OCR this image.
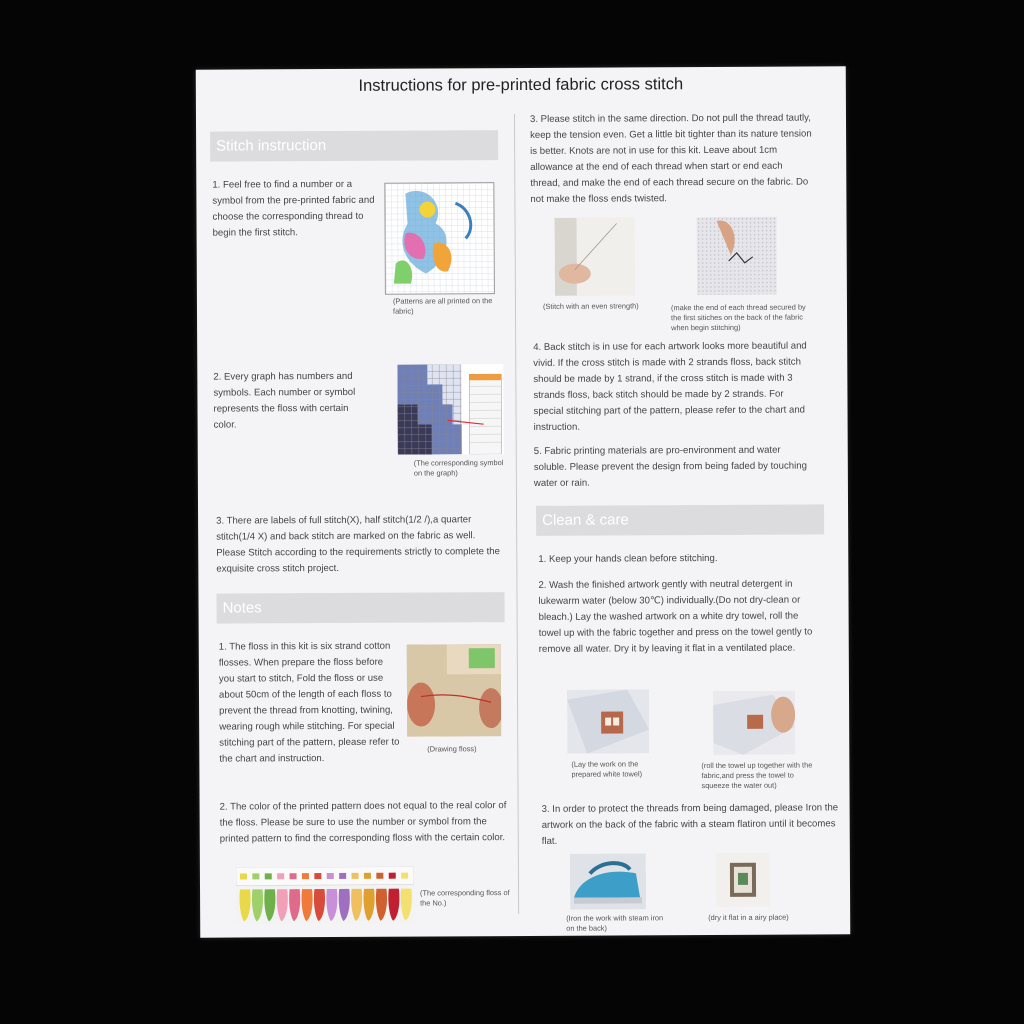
Instructions for pre-printed fabric cross stitch
Stitch instruction
1. Feel free to find a number or a symbol from the pre-printed fabric and choose the corresponding thread to begin the first stitch.
(Patterns are all printed on the fabric)
2. Every graph has numbers and symbols. Each number or symbol represents the floss with certain color.
(The corresponding symbol on the graph)
3. There are labels of full stitch(X), half stitch(1/2 /),a quarter stitch(1/4 X) and back stitch are marked on the fabric as well. Please Stitch according to the requirements strictly to complete the exquisite cross stitch project.
Notes
1. The floss in this kit is six strand cotton flosses. When prepare the floss before you start to stitch, Fold the floss or use about 50cm of the length of each floss to prevent the thread from knotting, twining, wearing rough while stitching. For special stitching part of the pattern, please refer to the chart and instruction.
(Drawing floss)
2. The color of the printed pattern does not equal to the real color of the floss. Please be sure to use the number or symbol from the printed pattern to find the corresponding floss with the certain color.
(The corresponding floss of the No.)
3. Please stitch in the same direction. Do not pull the thread tautly, keep the tension even. Get a little bit tighter than its nature tension is better. Knots are not in use for this kit. Leave about 1cm allowance at the end of each thread when start or end each thread, and make the end of each thread secure on the fabric. Do not make the floss ends twisted.
(Stitch with an even strength)	(make the end of each thread secured by the first sitiches on the back of the fabric when begin stitching)
4. Back stitch is in use for each artwork looks more beautiful and vivid. If the cross stitch is made with 2 strands floss, back stitch should be made by 1 strand, if the cross stitch is made with 3 strands floss, back stitch should be made by 2 strands. For special stitching part of the pattern, please refer to the chart and instruction.
5. Fabric printing materials are pro-environment and water soluble. Please prevent the design from being faded by touching water or rain.
Clean & care
1. Keep your hands clean before stitching.
2. Wash the finished artwork gently with neutral detergent in lukewarm water (below 30℃) individually.(Do not dry-clean or bleach.) Lay the washed artwork on a white dry towel, roll the towel up with the fabric together and press on the towel gently to remove all water. Dry it by leaving it flat in a ventilated place.
(Lay the work on the prepared white towel)
(roll the towel up together with the fabric,and press the towel to squeeze the water out)
3. In order to protect the threads from being damaged, please Iron the artwork on the back of the fabric with a steam flatiron until it becomes flat.
(Iron the work with steam iron on the back)
(dry it flat in a airy place)
